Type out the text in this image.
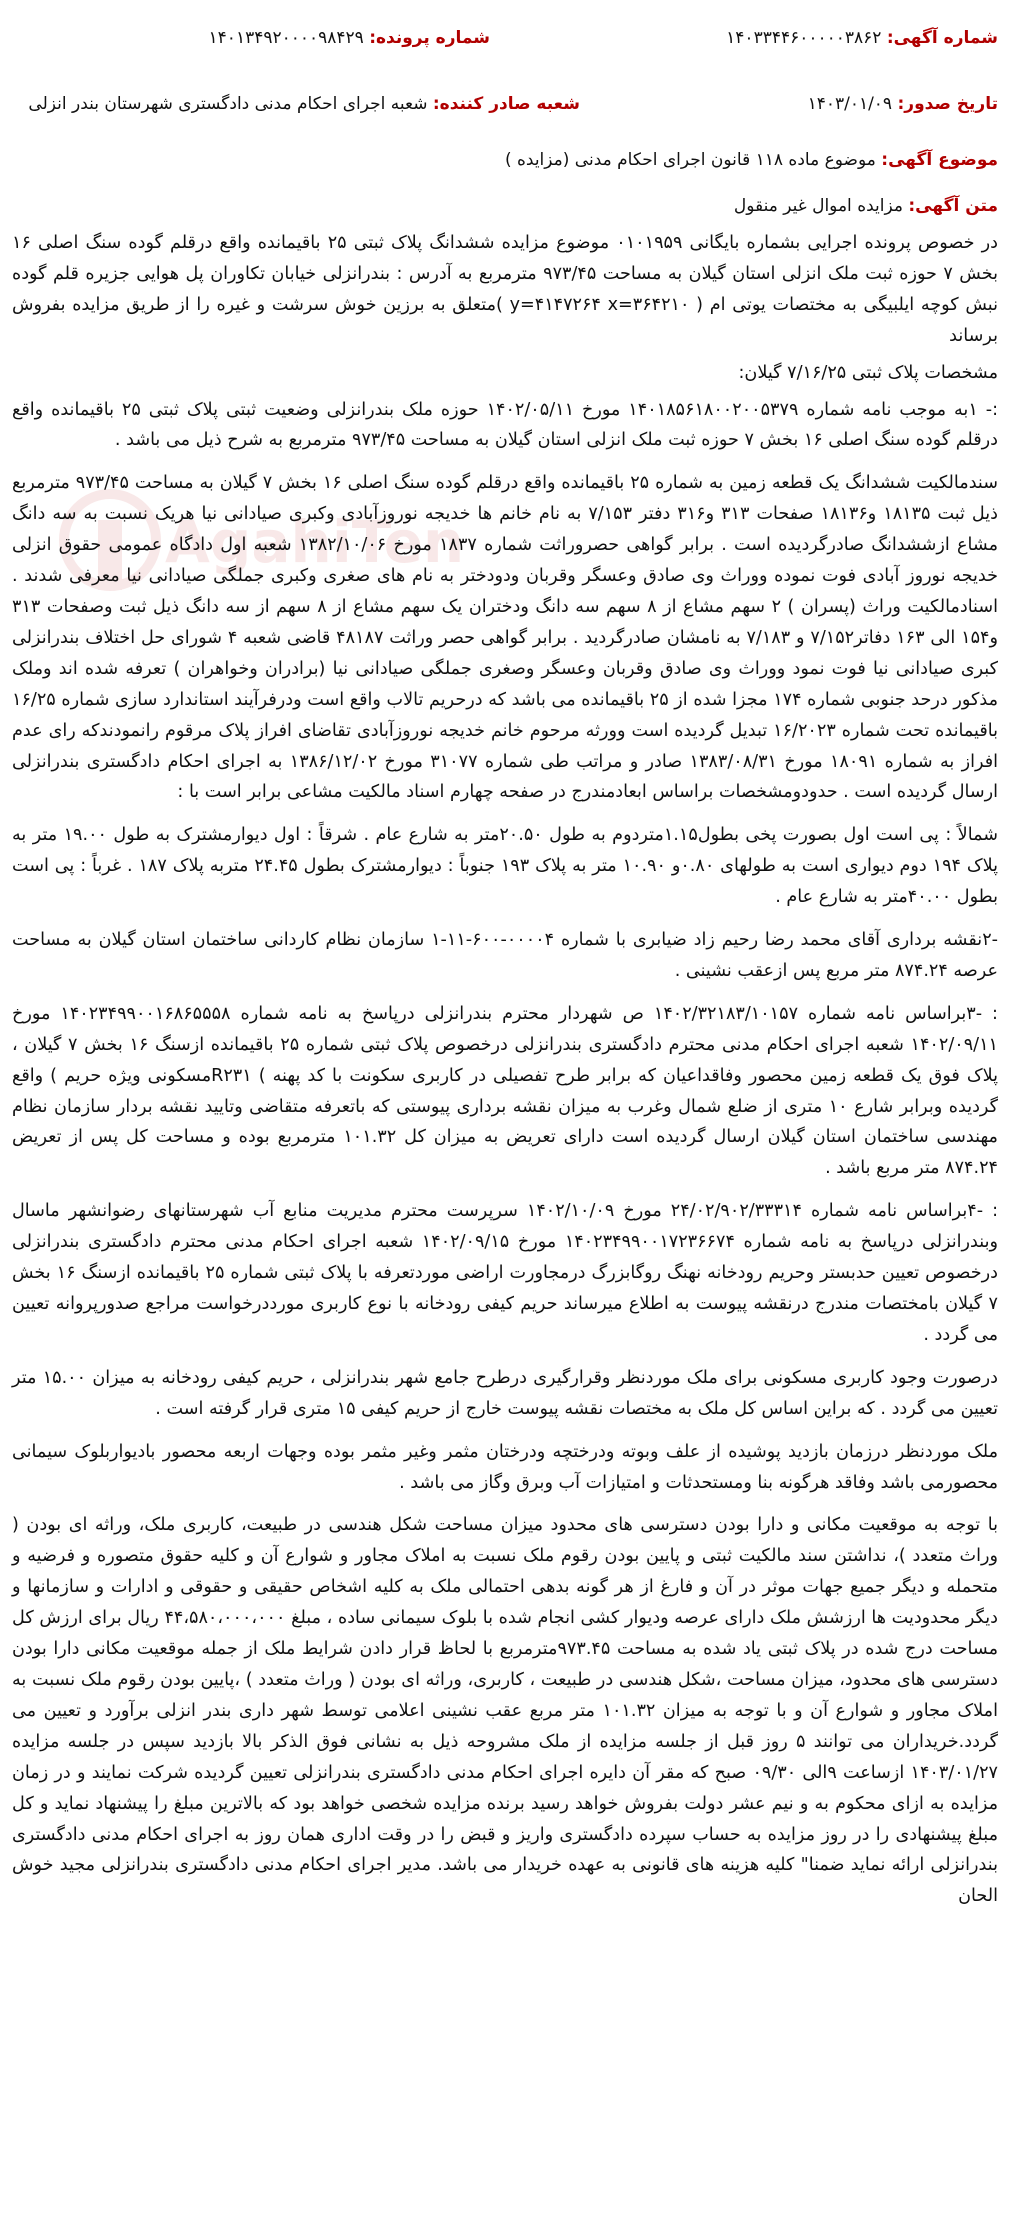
AgahiTen
شماره آگهی: ۱۴۰۳۳۴۴۶۰۰۰۰۰۳۸۶۲
شماره پرونده: ۱۴۰۱۳۴۹۲۰۰۰۰۹۸۴۲۹
تاریخ صدور: ۱۴۰۳/۰۱/۰۹
شعبه صادر کننده: شعبه اجرای احکام مدنی دادگستری شهرستان بندر انزلی
موضوع آگهی: موضوع ماده ۱۱۸ قانون اجرای احکام مدنی (مزایده )
متن آگهی: مزایده اموال غیر منقول

در خصوص پرونده اجرایی بشماره بایگانی ۰۱۰۱۹۵۹ موضوع مزایده ششدانگ پلاک ثبتی ۲۵ باقیمانده واقع درقلم گوده سنگ اصلی ۱۶ بخش ۷ حوزه ثبت ملک انزلی استان گیلان به مساحت ۹۷۳/۴۵ مترمربع به آدرس : بندرانزلی خیابان تکاوران پل هوایی جزیره قلم گوده نبش کوچه ایلبیگی به مختصات یوتی ام ( y=۴۱۴۷۲۶۴ x=۳۶۴۲۱۰ )متعلق به برزین خوش سرشت و غیره را از طریق مزایده بفروش برساند

مشخصات پلاک ثبتی ۷/۱۶/۲۵ گیلان:

:- ۱به موجب نامه شماره ۱۴۰۱۸۵۶۱۸۰۰۲۰۰۵۳۷۹ مورخ ۱۴۰۲/۰۵/۱۱ حوزه ملک بندرانزلی وضعیت ثبتی پلاک ثبتی ۲۵ باقیمانده واقع درقلم گوده سنگ اصلی ۱۶ بخش ۷ حوزه ثبت ملک انزلی استان گیلان به مساحت ۹۷۳/۴۵ مترمربع به شرح ذیل می باشد .

سندمالکیت ششدانگ یک قطعه زمین به شماره ۲۵ باقیمانده واقع درقلم گوده سنگ اصلی ۱۶ بخش ۷ گیلان به مساحت ۹۷۳/۴۵ مترمربع ذیل ثبت ۱۸۱۳۵ و۱۸۱۳۶ صفحات ۳۱۳ و۳۱۶ دفتر ۷/۱۵۳ به نام خانم ها خدیجه نوروزآبادی وکبری صیادانی نیا هریک نسبت به سه دانگ مشاع ازششدانگ صادرگردیده است . برابر گواهی حصروراثت شماره ۱۸۳۷ مورخ ۱۳۸۲/۱۰/۰۶ شعبه اول دادگاه عمومی حقوق انزلی خدیجه نوروز آبادی فوت نموده ووراث وی صادق وعسگر وقربان ودودختر به نام های صغری وکبری جملگی صیادانی نیا معرفی شدند . اسنادمالکیت وراث (پسران ) ۲ سهم مشاع از ۸ سهم سه دانگ ودختران یک سهم مشاع از ۸ سهم از سه دانگ ذیل ثبت وصفحات ۳۱۳ و۱۵۴ الی ۱۶۳ دفاتر۷/۱۵۲ و ۷/۱۸۳ به نامشان صادرگردید . برابر گواهی حصر وراثت ۴۸۱۸۷ قاضی شعبه ۴ شورای حل اختلاف بندرانزلی کبری صیادانی نیا فوت نمود ووراث وی صادق وقربان وعسگر وصغری جملگی صیادانی نیا (برادران وخواهران ) تعرفه شده اند وملک مذکور درحد جنوبی شماره ۱۷۴ مجزا شده از ۲۵ باقیمانده می باشد که درحریم تالاب واقع است ودرفرآیند استاندارد سازی شماره ۱۶/۲۵ باقیمانده تحت شماره ۱۶/۲۰۲۳ تبدیل گردیده است وورثه مرحوم خانم خدیجه نوروزآبادی تقاضای افراز پلاک مرقوم رانمودندکه رای عدم افراز به شماره ۱۸۰۹۱ مورخ ۱۳۸۳/۰۸/۳۱ صادر و مراتب طی شماره ۳۱۰۷۷ مورخ ۱۳۸۶/۱۲/۰۲ به اجرای احکام دادگستری بندرانزلی ارسال گردیده است . حدودومشخصات براساس ابعادمندرج در صفحه چهارم اسناد مالکیت مشاعی برابر است با :

شمالاً : پی است اول بصورت پخی بطول۱.۱۵متردوم به طول ۲۰.۵۰متر به شارع عام . شرقاً : اول دیوارمشترک به طول ۱۹.۰۰ متر به پلاک ۱۹۴ دوم دیواری است به طولهای ۰.۸۰و ۱۰.۹۰ متر به پلاک ۱۹۳ جنوباً : دیوارمشترک بطول ۲۴.۴۵ متربه پلاک ۱۸۷ . غرباً : پی است بطول ۴۰.۰۰متر به شارع عام .

-۲نقشه برداری آقای محمد رضا رحیم زاد ضیابری با شماره ۰۰۰۰۴-۶۰۰-۱۱-۱ سازمان نظام کاردانی ساختمان استان گیلان به مساحت عرصه ۸۷۴.۲۴ متر مربع پس ازعقب نشینی .

: -۳براساس نامه شماره ۱۴۰۲/۳۲۱۸۳/۱۰۱۵۷ ص شهردار محترم بندرانزلی درپاسخ به نامه شماره ۱۴۰۲۳۴۹۹۰۰۱۶۸۶۵۵۵۸ مورخ ۱۴۰۲/۰۹/۱۱ شعبه اجرای احکام مدنی محترم دادگستری بندرانزلی درخصوص پلاک ثبتی شماره ۲۵ باقیمانده ازسنگ ۱۶ بخش ۷ گیلان ، پلاک فوق یک قطعه زمین محصور وفاقداعیان که برابر طرح تفصیلی در کاربری سکونت با کد پهنه ) R۲۳۱مسکونی ویژه حریم ) واقع گردیده وبرابر شارع ۱۰ متری از ضلع شمال وغرب به میزان نقشه برداری پیوستی که باتعرفه متقاضی وتایید نقشه بردار سازمان نظام مهندسی ساختمان استان گیلان ارسال گردیده است دارای تعریض به میزان کل ۱۰۱.۳۲ مترمربع بوده و مساحت کل پس از تعریض ۸۷۴.۲۴ متر مربع باشد .

: -۴براساس نامه شماره ۲۴/۰۲/۹۰۲/۳۳۳۱۴ مورخ ۱۴۰۲/۱۰/۰۹ سرپرست محترم مدیریت منابع آب شهرستانهای رضوانشهر ماسال وبندرانزلی درپاسخ به نامه شماره ۱۴۰۲۳۴۹۹۰۰۱۷۲۳۶۶۷۴ مورخ ۱۴۰۲/۰۹/۱۵ شعبه اجرای احکام مدنی محترم دادگستری بندرانزلی درخصوص تعیین حدبستر وحریم رودخانه نهنگ روگابزرگ درمجاورت اراضی موردتعرفه با پلاک ثبتی شماره ۲۵ باقیمانده ازسنگ ۱۶ بخش ۷ گیلان بامختصات مندرج درنقشه پیوست به اطلاع میرساند حریم کیفی رودخانه با نوع کاربری مورددرخواست مراجع صدورپروانه تعیین می گردد .

درصورت وجود کاربری مسکونی برای ملک موردنظر وقرارگیری درطرح جامع شهر بندرانزلی ، حریم کیفی رودخانه به میزان ۱۵.۰۰ متر تعیین می گردد . که براین اساس کل ملک به مختصات نقشه پیوست خارج از حریم کیفی ۱۵ متری قرار گرفته است .

ملک موردنظر درزمان بازدید پوشیده از علف وبوته ودرختچه ودرختان مثمر وغیر مثمر بوده وجهات اربعه محصور بادیواربلوک سیمانی محصورمی باشد وفاقد هرگونه بنا ومستحدثات و امتیازات آب وبرق وگاز می باشد .

با توجه به موقعیت مکانی و دارا بودن دسترسی های محدود میزان مساحت شکل هندسی در طبیعت، کاربری ملک، وراثه ای بودن ( وراث متعدد )، نداشتن سند مالکیت ثبتی و پایین بودن رقوم ملک نسبت به املاک مجاور و شوارع آن و کلیه حقوق متصوره و فرضیه و متحمله و دیگر جمیع جهات موثر در آن و فارغ از هر گونه بدهی احتمالی ملک به کلیه اشخاص حقیقی و حقوقی و ادارات و سازمانها و دیگر محدودیت ها ارزشش ملک دارای عرصه ودیوار کشی انجام شده با بلوک سیمانی ساده ، مبلغ ۴۴،۵۸۰،۰۰۰،۰۰۰ ریال برای ارزش کل مساحت درج شده در پلاک ثبتی یاد شده به مساحت ۹۷۳.۴۵مترمربع با لحاظ قرار دادن شرایط ملک از جمله موقعیت مکانی دارا بودن دسترسی های محدود، میزان مساحت ،شکل هندسی در طبیعت ، کاربری، وراثه ای بودن ( وراث متعدد ) ،پایین بودن رقوم ملک نسبت به املاک مجاور و شوارع آن و با توجه به میزان ۱۰۱.۳۲ متر مربع عقب نشینی اعلامی توسط شهر داری بندر انزلی برآورد و تعیین می گردد.خریداران می توانند ۵ روز قبل از جلسه مزایده از ملک مشروحه ذیل به نشانی فوق الذکر بالا بازدید سپس در جلسه مزایده ۱۴۰۳/۰۱/۲۷ ازساعت ۹الی ۰۹/۳۰ صبح که مقر آن دایره اجرای احکام مدنی دادگستری بندرانزلی تعیین گردیده شرکت نمایند و در زمان مزایده به ازای محکوم به و نیم عشر دولت بفروش خواهد رسید برنده مزایده شخصی خواهد بود که بالاترین مبلغ را پیشنهاد نماید و کل مبلغ پیشنهادی را در روز مزایده به حساب سپرده دادگستری واریز و قبض را در وقت اداری همان روز به اجرای احکام مدنی دادگستری بندرانزلی ارائه نماید ضمنا" کلیه هزینه های قانونی به عهده خریدار می باشد. مدیر اجرای احکام مدنی دادگستری بندرانزلی مجید خوش الحان
